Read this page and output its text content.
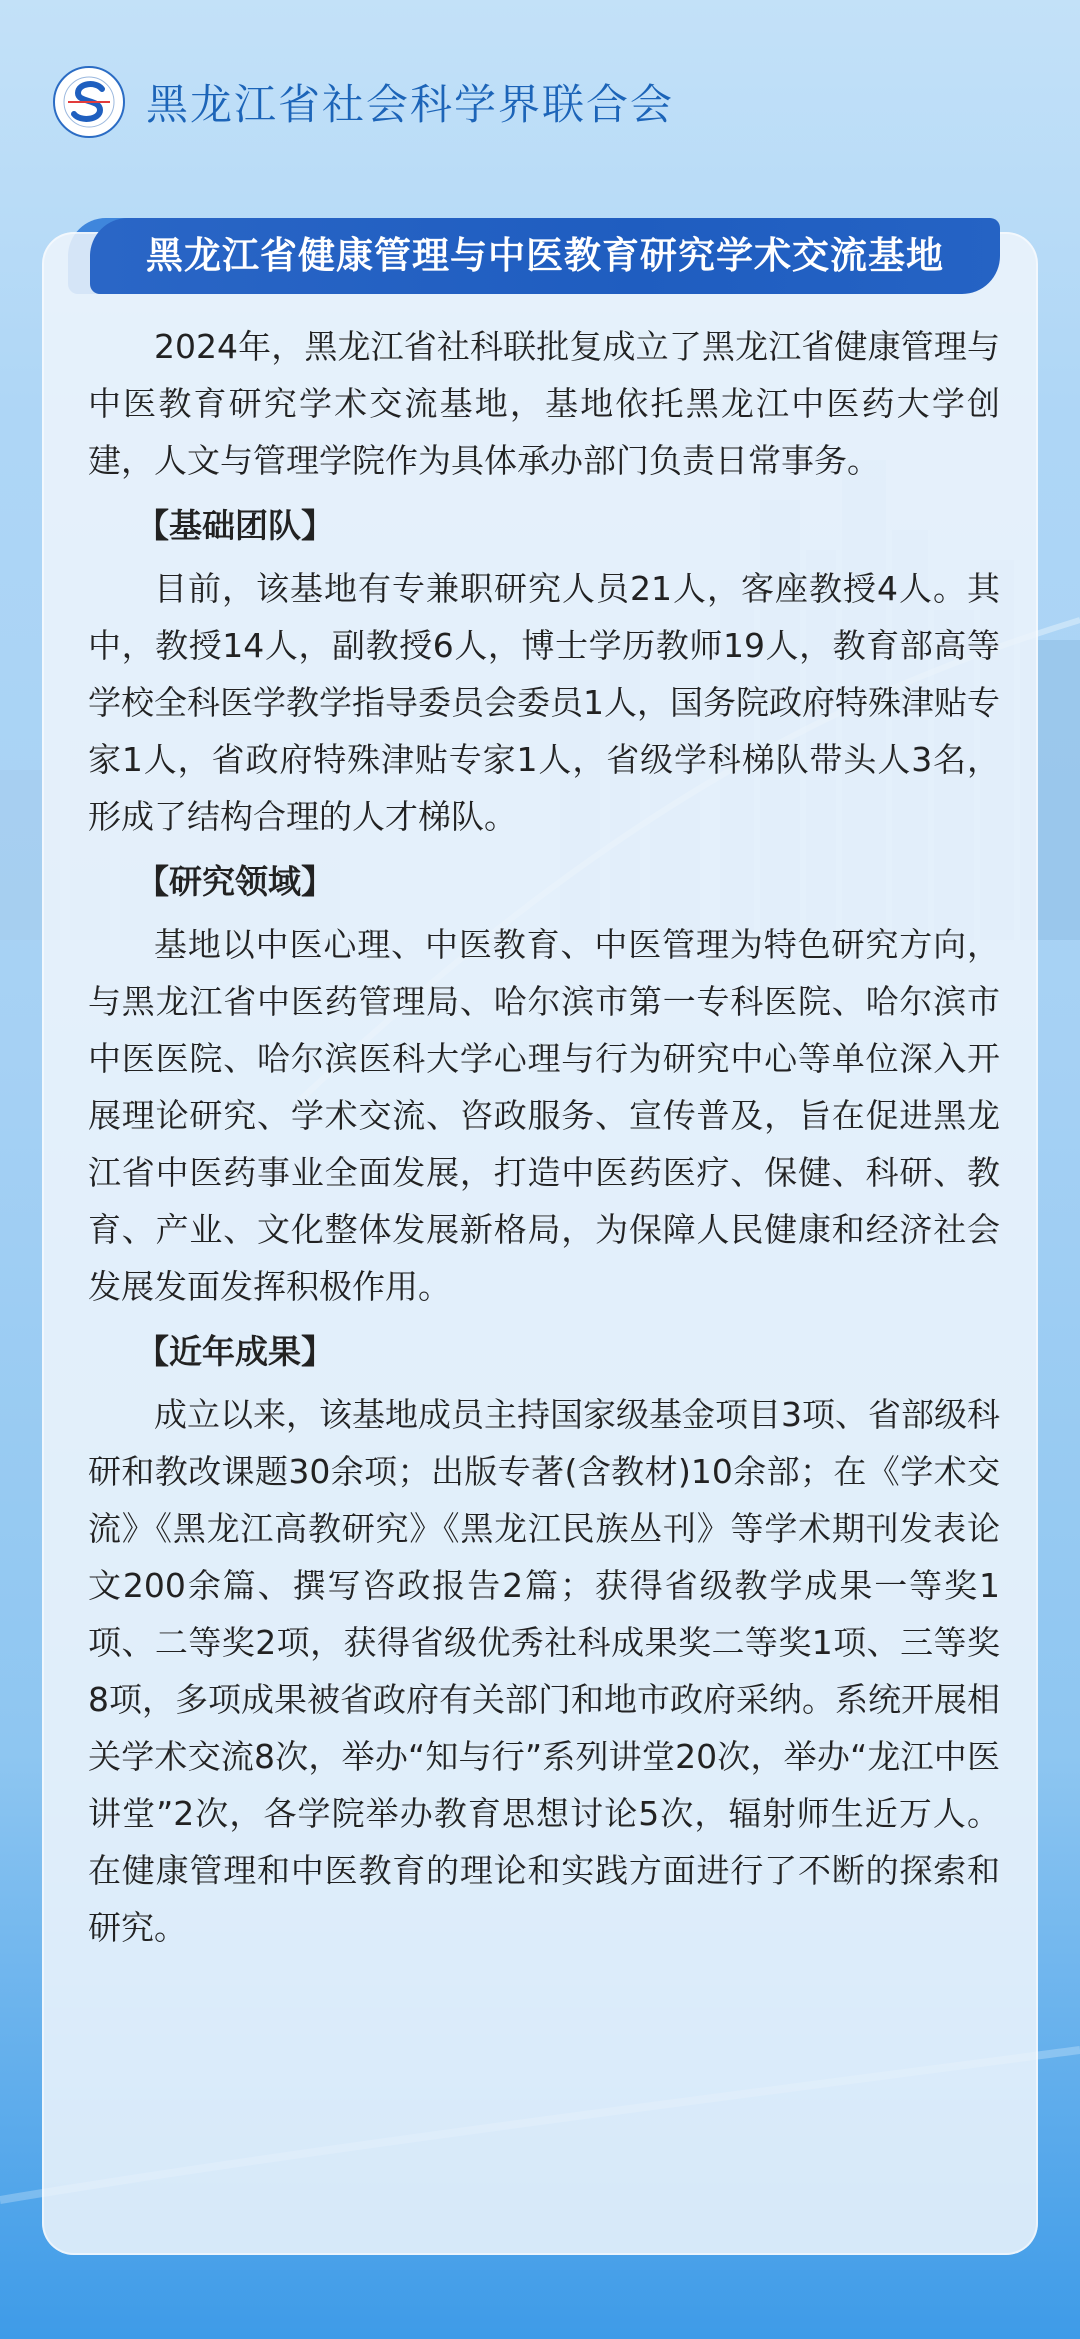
黑龙江省社会科学界联合会
黑龙江省健康管理与中医教育研究学术交流基地

2024年，黑龙江省社科联批复成立了黑龙江省健康管理与中医教育研究学术交流基地，基地依托黑龙江中医药大学创建，人文与管理学院作为具体承办部门负责日常事务。

【基础团队】

目前，该基地有专兼职研究人员21人，客座教授4人。其中，教授14人，副教授6人，博士学历教师19人，教育部高等学校全科医学教学指导委员会委员1人，国务院政府特殊津贴专家1人，省政府特殊津贴专家1人，省级学科梯队带头人3名，形成了结构合理的人才梯队。

【研究领域】

基地以中医心理、中医教育、中医管理为特色研究方向，与黑龙江省中医药管理局、哈尔滨市第一专科医院、哈尔滨市中医医院、哈尔滨医科大学心理与行为研究中心等单位深入开展理论研究、学术交流、咨政服务、宣传普及，旨在促进黑龙江省中医药事业全面发展，打造中医药医疗、保健、科研、教育、产业、文化整体发展新格局，为保障人民健康和经济社会发展发面发挥积极作用。

【近年成果】

成立以来，该基地成员主持国家级基金项目3项、省部级科研和教改课题30余项；出版专著(含教材)10余部；在《学术交流》《黑龙江高教研究》《黑龙江民族丛刊》等学术期刊发表论文200余篇、撰写咨政报告2篇；获得省级教学成果一等奖1项、二等奖2项，获得省级优秀社科成果奖二等奖1项、三等奖8项，多项成果被省政府有关部门和地市政府采纳。系统开展相关学术交流8次，举办“知与行”系列讲堂20次，举办“龙江中医讲堂”2次，各学院举办教育思想讨论5次，辐射师生近万人。在健康管理和中医教育的理论和实践方面进行了不断的探索和研究。
